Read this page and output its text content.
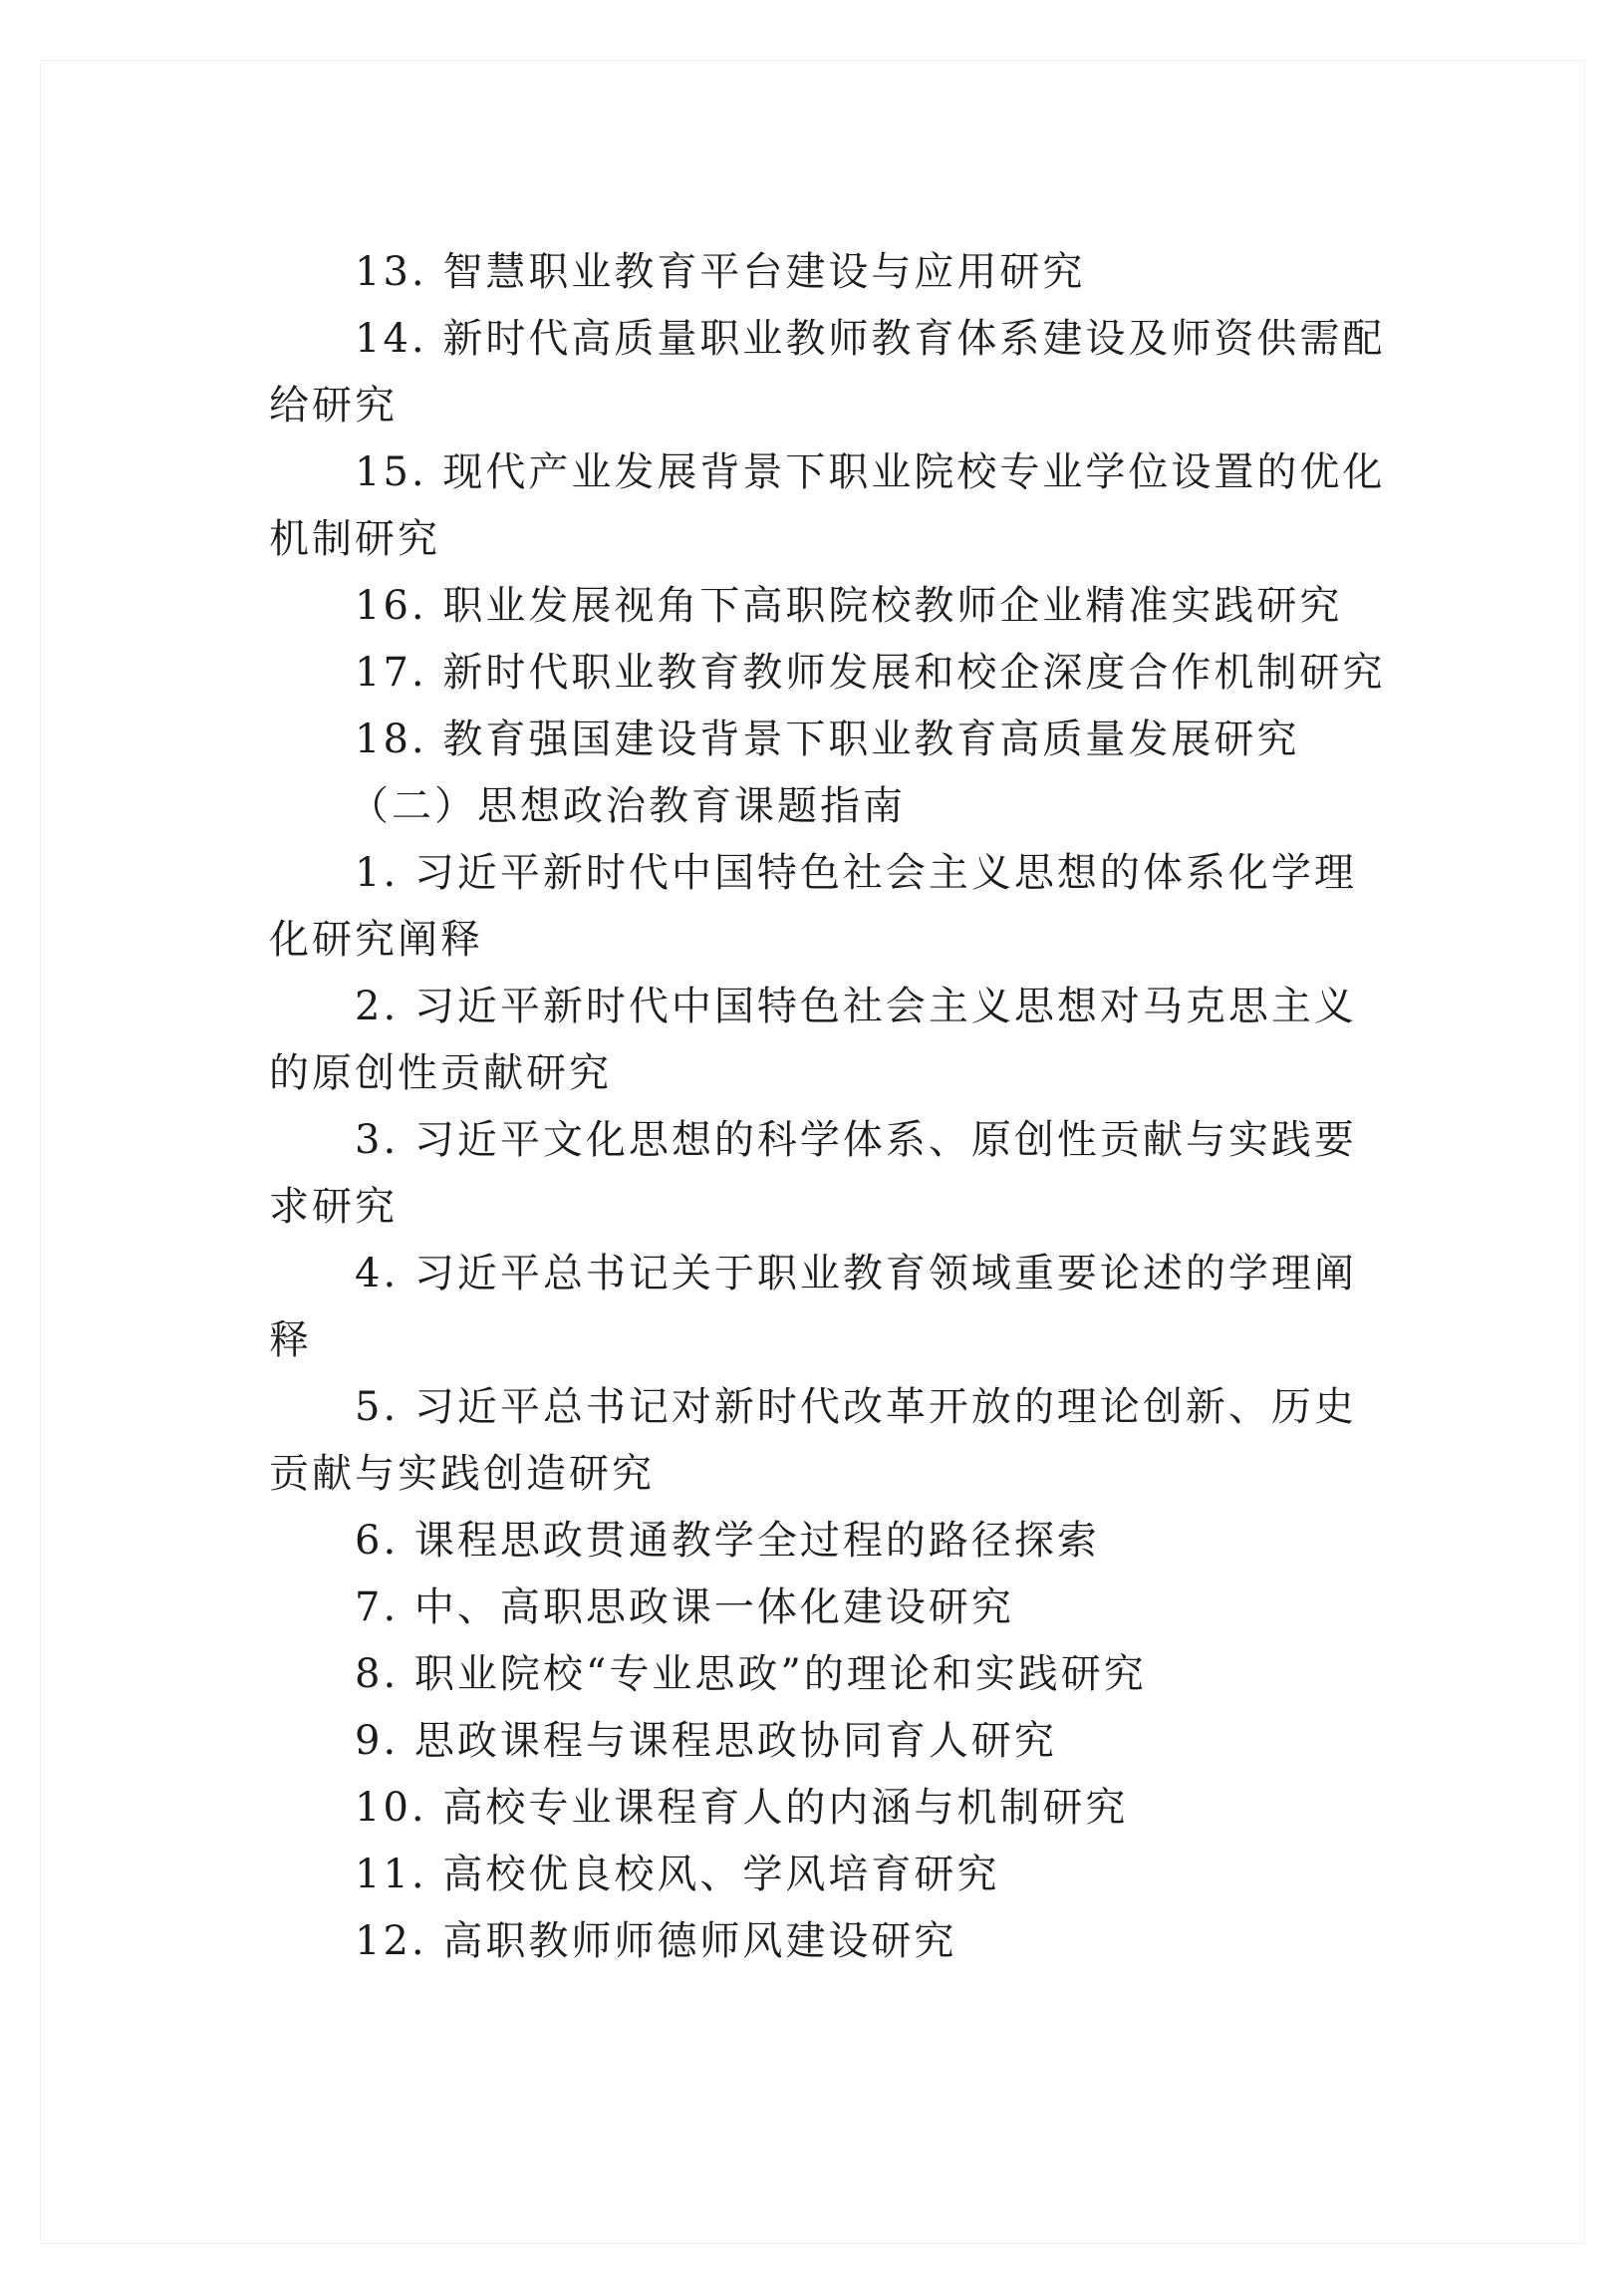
13. 智慧职业教育平台建设与应用研究
14. 新时代高质量职业教师教育体系建设及师资供需配
给研究
15. 现代产业发展背景下职业院校专业学位设置的优化
机制研究
16. 职业发展视角下高职院校教师企业精准实践研究
17. 新时代职业教育教师发展和校企深度合作机制研究
18. 教育强国建设背景下职业教育高质量发展研究
（二）思想政治教育课题指南
1. 习近平新时代中国特色社会主义思想的体系化学理
化研究阐释
2. 习近平新时代中国特色社会主义思想对马克思主义
的原创性贡献研究
3. 习近平文化思想的科学体系、原创性贡献与实践要
求研究
4. 习近平总书记关于职业教育领域重要论述的学理阐
释
5. 习近平总书记对新时代改革开放的理论创新、历史
贡献与实践创造研究
6. 课程思政贯通教学全过程的路径探索
7. 中、高职思政课一体化建设研究
8. 职业院校“专业思政”的理论和实践研究
9. 思政课程与课程思政协同育人研究
10. 高校专业课程育人的内涵与机制研究
11. 高校优良校风、学风培育研究
12. 高职教师师德师风建设研究
